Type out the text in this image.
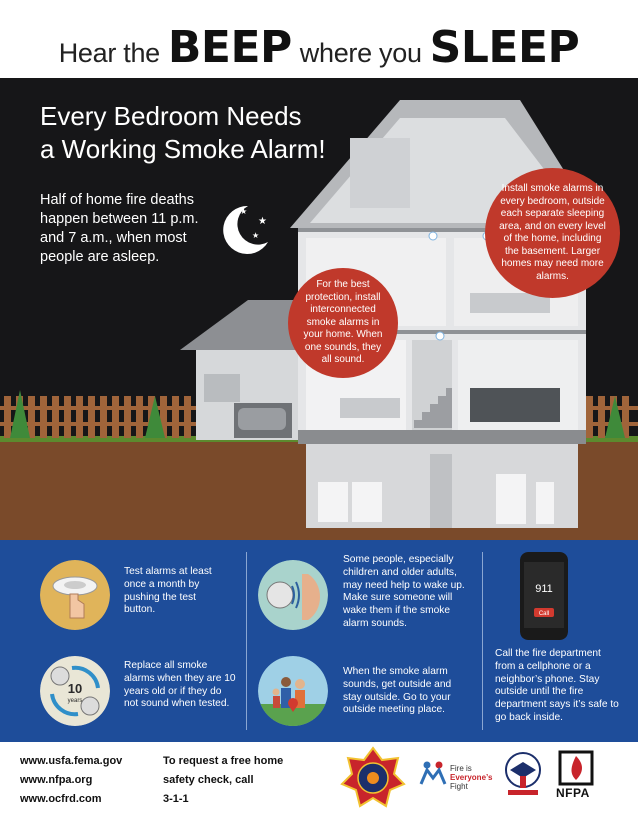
Hear the BEEP where you SLEEP
★
★
★
Every Bedroom Needs
a Working Smoke Alarm!
Half of home fire deaths happen between 11 p.m. and 7 a.m., when most people are asleep.
Install smoke alarms in every bedroom, outside each separate sleeping area, and on every level of the home, including the basement. Larger homes may need more alarms.
For the best protection, install interconnected smoke alarms in your home. When one sounds, they all sound.
Test alarms at least once a month by pushing the test button.
10
years
Replace all smoke alarms when they are 10 years old or if they do not sound when tested.
Some people, especially children and older adults, may need help to wake up. Make sure someone will wake them if the smoke alarm sounds.
When the smoke alarm sounds, get outside and stay outside. Go to your outside meeting place.
911
Call
Call the fire department from a cellphone or a neighbor’s phone. Stay outside until the fire department says it’s safe to go back inside.
www.usfa.fema.gov
www.nfpa.org
www.ocfrd.com
To request a free home
safety check, call
3-1-1
Fire is
Everyone’s
Fight	NFPA
